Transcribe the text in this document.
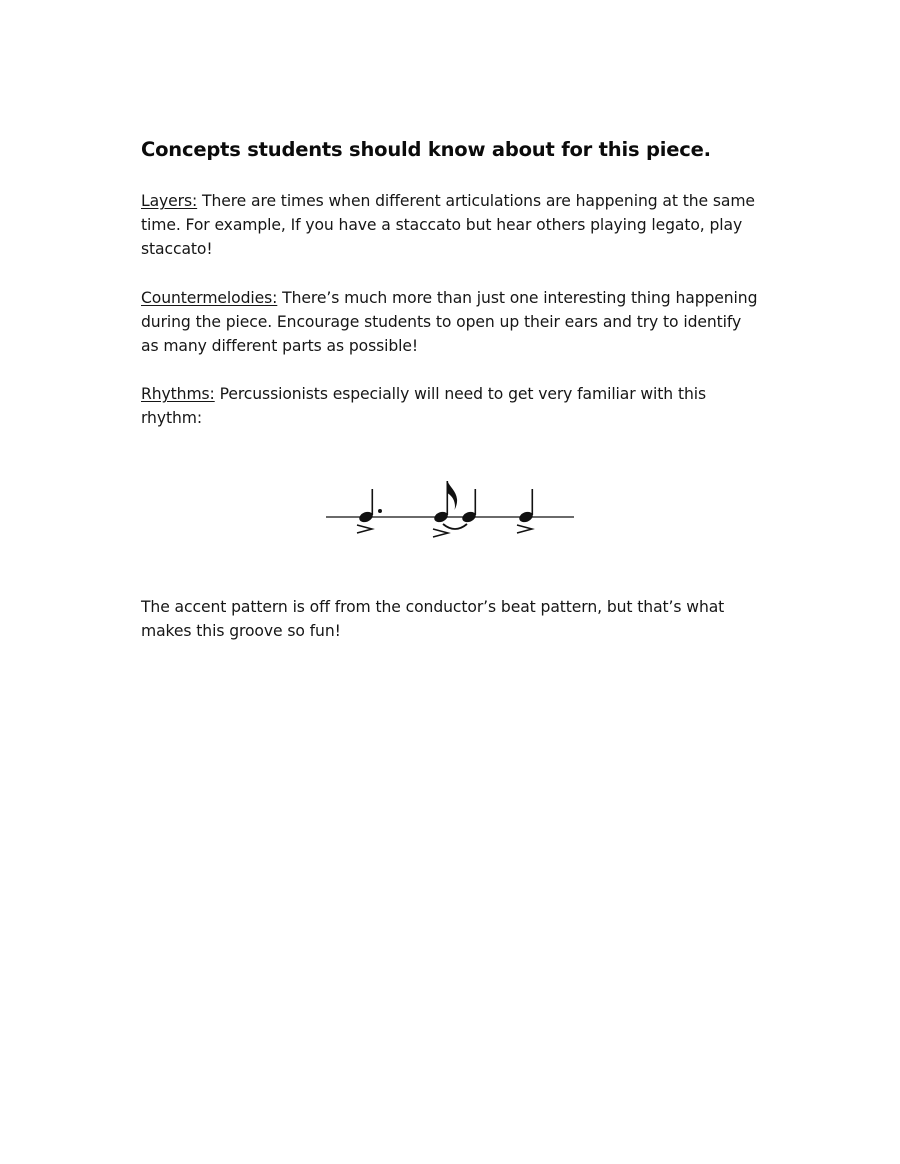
Concepts students should know about for this piece.

Layers: There are times when different articulations are happening at the same time. For example, If you have a staccato but hear others playing legato, play staccato!

Countermelodies: There’s much more than just one interesting thing happening during the piece. Encourage students to open up their ears and try to identify as many different parts as possible!

Rhythms: Percussionists especially will need to get very familiar with this rhythm:

The accent pattern is off from the conductor’s beat pattern, but that’s what makes this groove so fun!
